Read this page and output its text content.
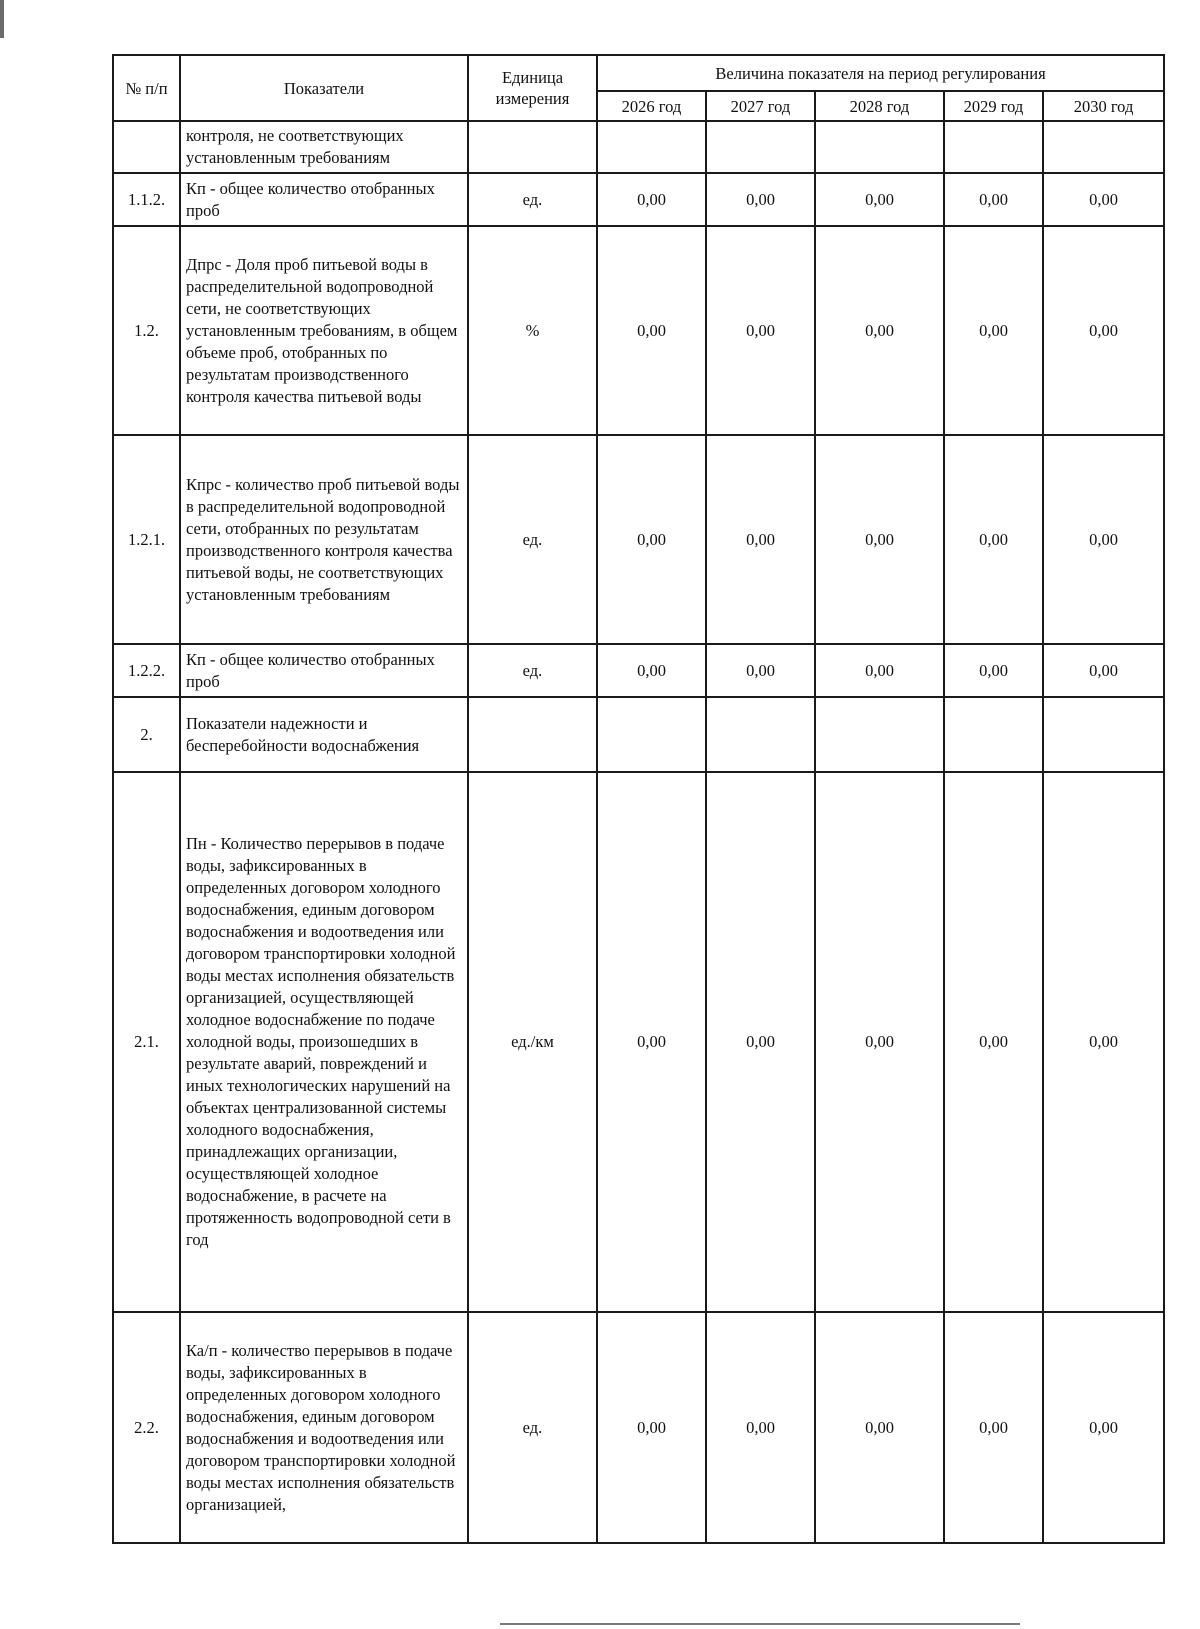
№ п/п	Показатели	Единица измерения	Величина показателя на период регулирования				
			2026 год	2027 год	2028 год	2029 год	2030 год
	контроля, не соответствующих установленным требованиям						
1.1.2.	Кп - общее количество отобранных проб	ед.	0,00	0,00	0,00	0,00	0,00
1.2.	Дпрс - Доля проб питьевой воды в распределительной водопроводной сети, не соответствующих установленным требованиям, в общем объеме проб, отобранных по результатам производственного контроля качества питьевой воды	%	0,00	0,00	0,00	0,00	0,00
1.2.1.	Кпрс - количество проб питьевой воды в распределительной водопроводной сети, отобранных по результатам производственного контроля качества питьевой воды, не соответствующих установленным требованиям	ед.	0,00	0,00	0,00	0,00	0,00
1.2.2.	Кп - общее количество отобранных проб	ед.	0,00	0,00	0,00	0,00	0,00
2.	Показатели надежности и бесперебойности водоснабжения						
2.1.	Пн - Количество перерывов в подаче воды, зафиксированных в определенных договором холодного водоснабжения, единым договором водоснабжения и водоотведения или договором транспортировки холодной воды местах исполнения обязательств организацией, осуществляющей холодное водоснабжение по подаче холодной воды, произошедших в результате аварий, повреждений и иных технологических нарушений на объектах централизованной системы холодного водоснабжения, принадлежащих организации, осуществляющей холодное водоснабжение, в расчете на протяженность водопроводной сети в год	ед./км	0,00	0,00	0,00	0,00	0,00
2.2.	Ка/п - количество перерывов в подаче воды, зафиксированных в определенных договором холодного водоснабжения, единым договором водоснабжения и водоотведения или договором транспортировки холодной воды местах исполнения обязательств организацией,	ед.	0,00	0,00	0,00	0,00	0,00
